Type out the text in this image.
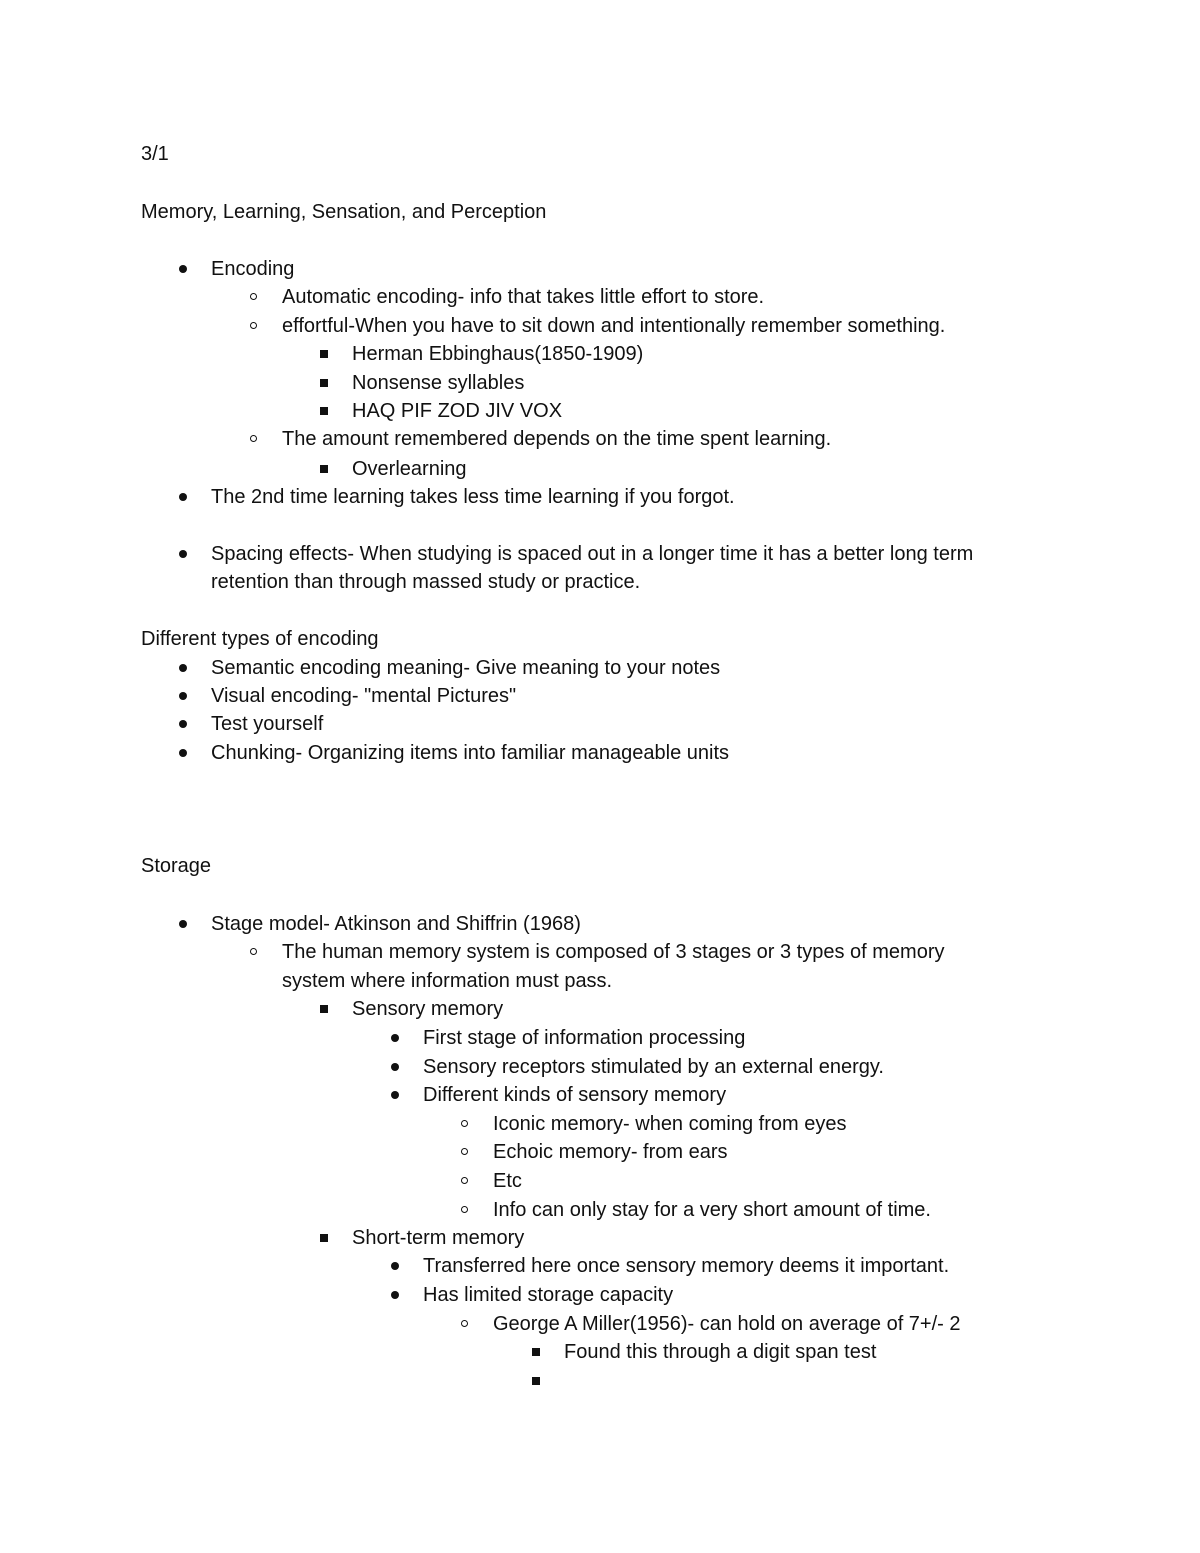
3/1
Memory, Learning, Sensation, and Perception
Encoding
Automatic encoding- info that takes little effort to store.
effortful-When you have to sit down and intentionally remember something.
Herman Ebbinghaus(1850-1909)
Nonsense syllables
HAQ PIF ZOD JIV VOX
The amount remembered depends on the time spent learning.
Overlearning
The 2nd time learning takes less time learning if you forgot.
Spacing effects- When studying is spaced out in a longer time it has a better long term
retention than through massed study or practice.
Different types of encoding
Semantic encoding meaning- Give meaning to your notes
Visual encoding- "mental Pictures"
Test yourself
Chunking- Organizing items into familiar manageable units
Storage
Stage model- Atkinson and Shiffrin (1968)
The human memory system is composed of 3 stages or 3 types of memory
system where information must pass.
Sensory memory
First stage of information processing
Sensory receptors stimulated by an external energy.
Different kinds of sensory memory
Iconic memory- when coming from eyes
Echoic memory- from ears
Etc
Info can only stay for a very short amount of time.
Short-term memory
Transferred here once sensory memory deems it important.
Has limited storage capacity
George A Miller(1956)- can hold on average of 7+/- 2
Found this through a digit span test
